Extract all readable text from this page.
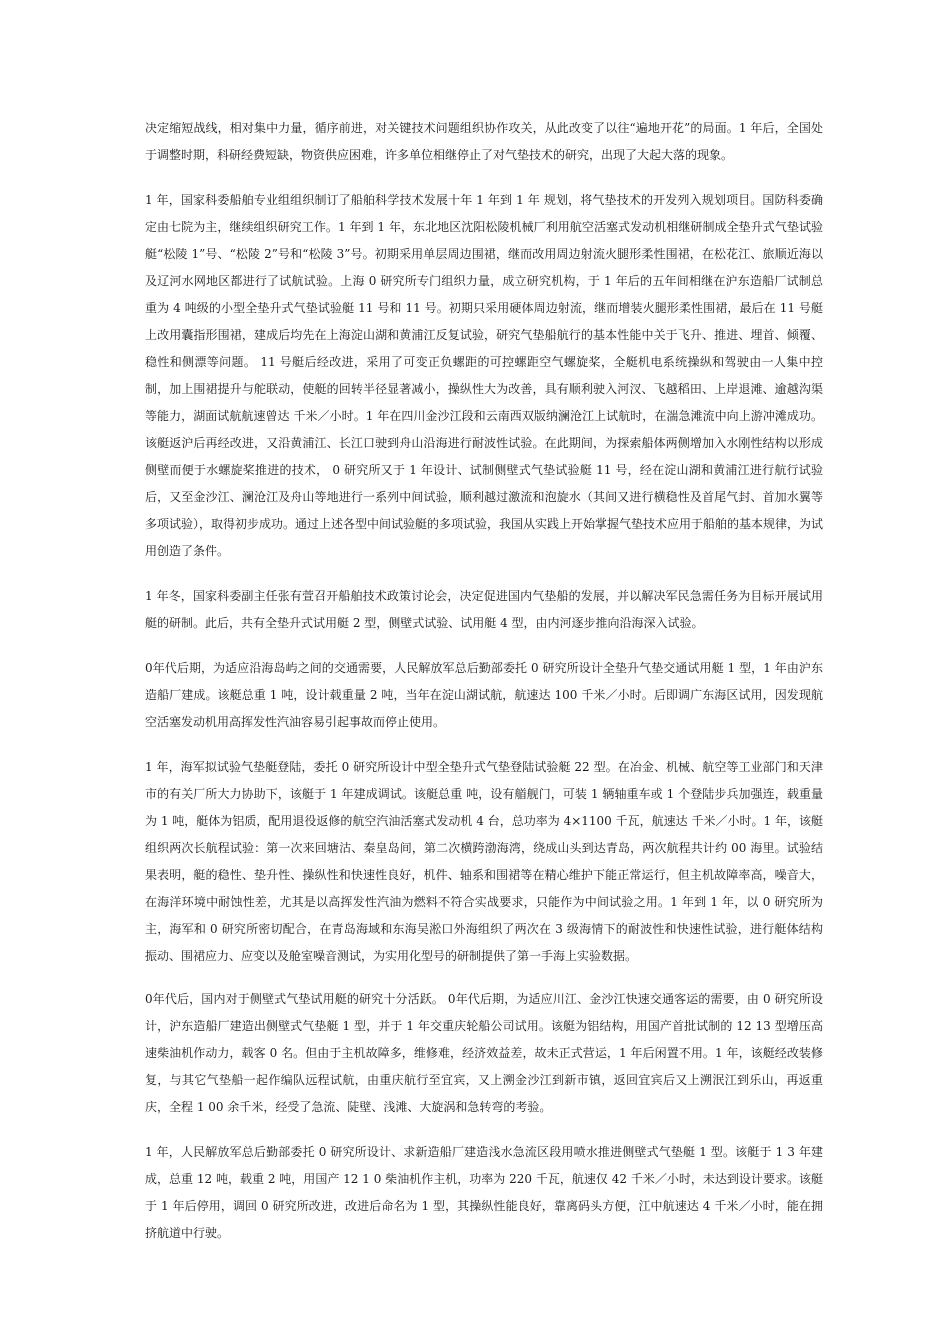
决定缩短战线，相对集中力量，循序前进，对关键技术问题组织协作攻关，从此改变了以往“遍地开花”的局面。1 年后，全国处于调整时期，科研经费短缺，物资供应困难，许多单位相继停止了对气垫技术的研究，出现了大起大落的现象。

1 年，国家科委船舶专业组组织制订了船舶科学技术发展十年 1 年到 1 年 规划，将气垫技术的开发列入规划项目。国防科委确定由七院为主，继续组织研究工作。1 年到 1 年，东北地区沈阳松陵机械厂利用航空活塞式发动机相继研制成全垫升式气垫试验艇“松陵 1”号、“松陵 2”号和“松陵 3”号。初期采用单层周边围裙，继而改用周边射流火腿形柔性围裙，在松花江、旅顺近海以及辽河水网地区都进行了试航试验。上海 0 研究所专门组织力量，成立研究机构，于 1 年后的五年间相继在沪东造船厂试制总重为 4 吨级的小型全垫升式气垫试验艇 11 号和 11 号。初期只采用硬体周边射流，继而增装火腿形柔性围裙，最后在 11 号艇上改用囊指形围裙，建成后均先在上海淀山湖和黄浦江反复试验，研究气垫船航行的基本性能中关于飞升、推进、埋首、倾覆、稳性和侧漂等问题。 11 号艇后经改进，采用了可变正负螺距的可控螺距空气螺旋桨，全艇机电系统操纵和驾驶由一人集中控制，加上围裙提升与舵联动，使艇的回转半径显著减小，操纵性大为改善，具有顺利驶入河汊、飞越稻田、上岸退滩、逾越沟渠等能力，湖面试航航速曾达 千米／小时。1 年在四川金沙江段和云南西双版纳澜沧江上试航时，在湍急滩流中向上游冲滩成功。该艇返沪后再经改进，又沿黄浦江、长江口驶到舟山沿海进行耐波性试验。在此期间，为探索船体两侧增加入水刚性结构以形成侧壁而便于水螺旋桨推进的技术， 0 研究所又于 1 年设计、试制侧壁式气垫试验艇 11 号，经在淀山湖和黄浦江进行航行试验后，又至金沙江、澜沧江及舟山等地进行一系列中间试验，顺利越过激流和泡旋水（其间又进行横稳性及首尾气封、首加水翼等多项试验），取得初步成功。通过上述各型中间试验艇的多项试验，我国从实践上开始掌握气垫技术应用于船舶的基本规律，为试用创造了条件。

1 年冬，国家科委副主任张有萱召开船舶技术政策讨论会，决定促进国内气垫船的发展，并以解决军民急需任务为目标开展试用艇的研制。此后，共有全垫升式试用艇 2 型，侧壁式试验、试用艇 4 型，由内河逐步推向沿海深入试验。

0年代后期，为适应沿海岛屿之间的交通需要，人民解放军总后勤部委托 0 研究所设计全垫升气垫交通试用艇 1 型，1 年由沪东造船厂建成。该艇总重 1 吨，设计载重量 2 吨，当年在淀山湖试航，航速达 100 千米／小时。后即调广东海区试用，因发现航空活塞发动机用高挥发性汽油容易引起事故而停止使用。

1 年，海军拟试验气垫艇登陆，委托 0 研究所设计中型全垫升式气垫登陆试验艇 22 型。在冶金、机械、航空等工业部门和天津市的有关厂所大力协助下，该艇于 1 年建成调试。该艇总重 吨，设有艏舰门，可装 1 辆轴重车或 1 个登陆步兵加强连，载重量为 1 吨，艇体为铝质，配用退役返修的航空汽油活塞式发动机 4 台，总功率为 4×1100 千瓦，航速达 千米／小时。1 年，该艇组织两次长航程试验：第一次来回塘沽、秦皇岛间，第二次横跨渤海湾，绕成山头到达青岛，两次航程共计约 00 海里。试验结果表明，艇的稳性、垫升性、操纵性和快速性良好，机件、轴系和围裙等在精心维护下能正常运行，但主机故障率高，噪音大，在海洋环境中耐蚀性差，尤其是以高挥发性汽油为燃料不符合实战要求，只能作为中间试验之用。1 年到 1 年，以 0 研究所为主，海军和 0 研究所密切配合，在青岛海域和东海吴淞口外海组织了两次在 3 级海情下的耐波性和快速性试验，进行艇体结构振动、围裙应力、应变以及舱室噪音测试，为实用化型号的研制提供了第一手海上实验数据。

0年代后，国内对于侧壁式气垫试用艇的研究十分活跃。 0年代后期，为适应川江、金沙江快速交通客运的需要，由 0 研究所设计，沪东造船厂建造出侧壁式气垫艇 1 型，并于 1 年交重庆轮船公司试用。该艇为铝结构，用国产首批试制的 12 13 型增压高速柴油机作动力，载客 0 名。但由于主机故障多，维修难，经济效益差，故未正式营运，1 年后闲置不用。1 年，该艇经改装修复，与其它气垫船一起作编队远程试航，由重庆航行至宜宾，又上溯金沙江到新市镇，返回宜宾后又上溯泯江到乐山，再返重庆，全程 1 00 余千米，经受了急流、陡壁、浅滩、大旋涡和急转弯的考验。

1 年，人民解放军总后勤部委托 0 研究所设计、求新造船厂建造浅水急流区段用喷水推进侧壁式气垫艇 1 型。该艇于 1 3 年建成，总重 12 吨，载重 2 吨，用国产 12 1 0 柴油机作主机，功率为 220 千瓦，航速仅 42 千米／小时，未达到设计要求。该艇于 1 年后停用，调回 0 研究所改进，改进后命名为 1 型，其操纵性能良好，靠离码头方便，江中航速达 4 千米／小时，能在拥挤航道中行驶。
